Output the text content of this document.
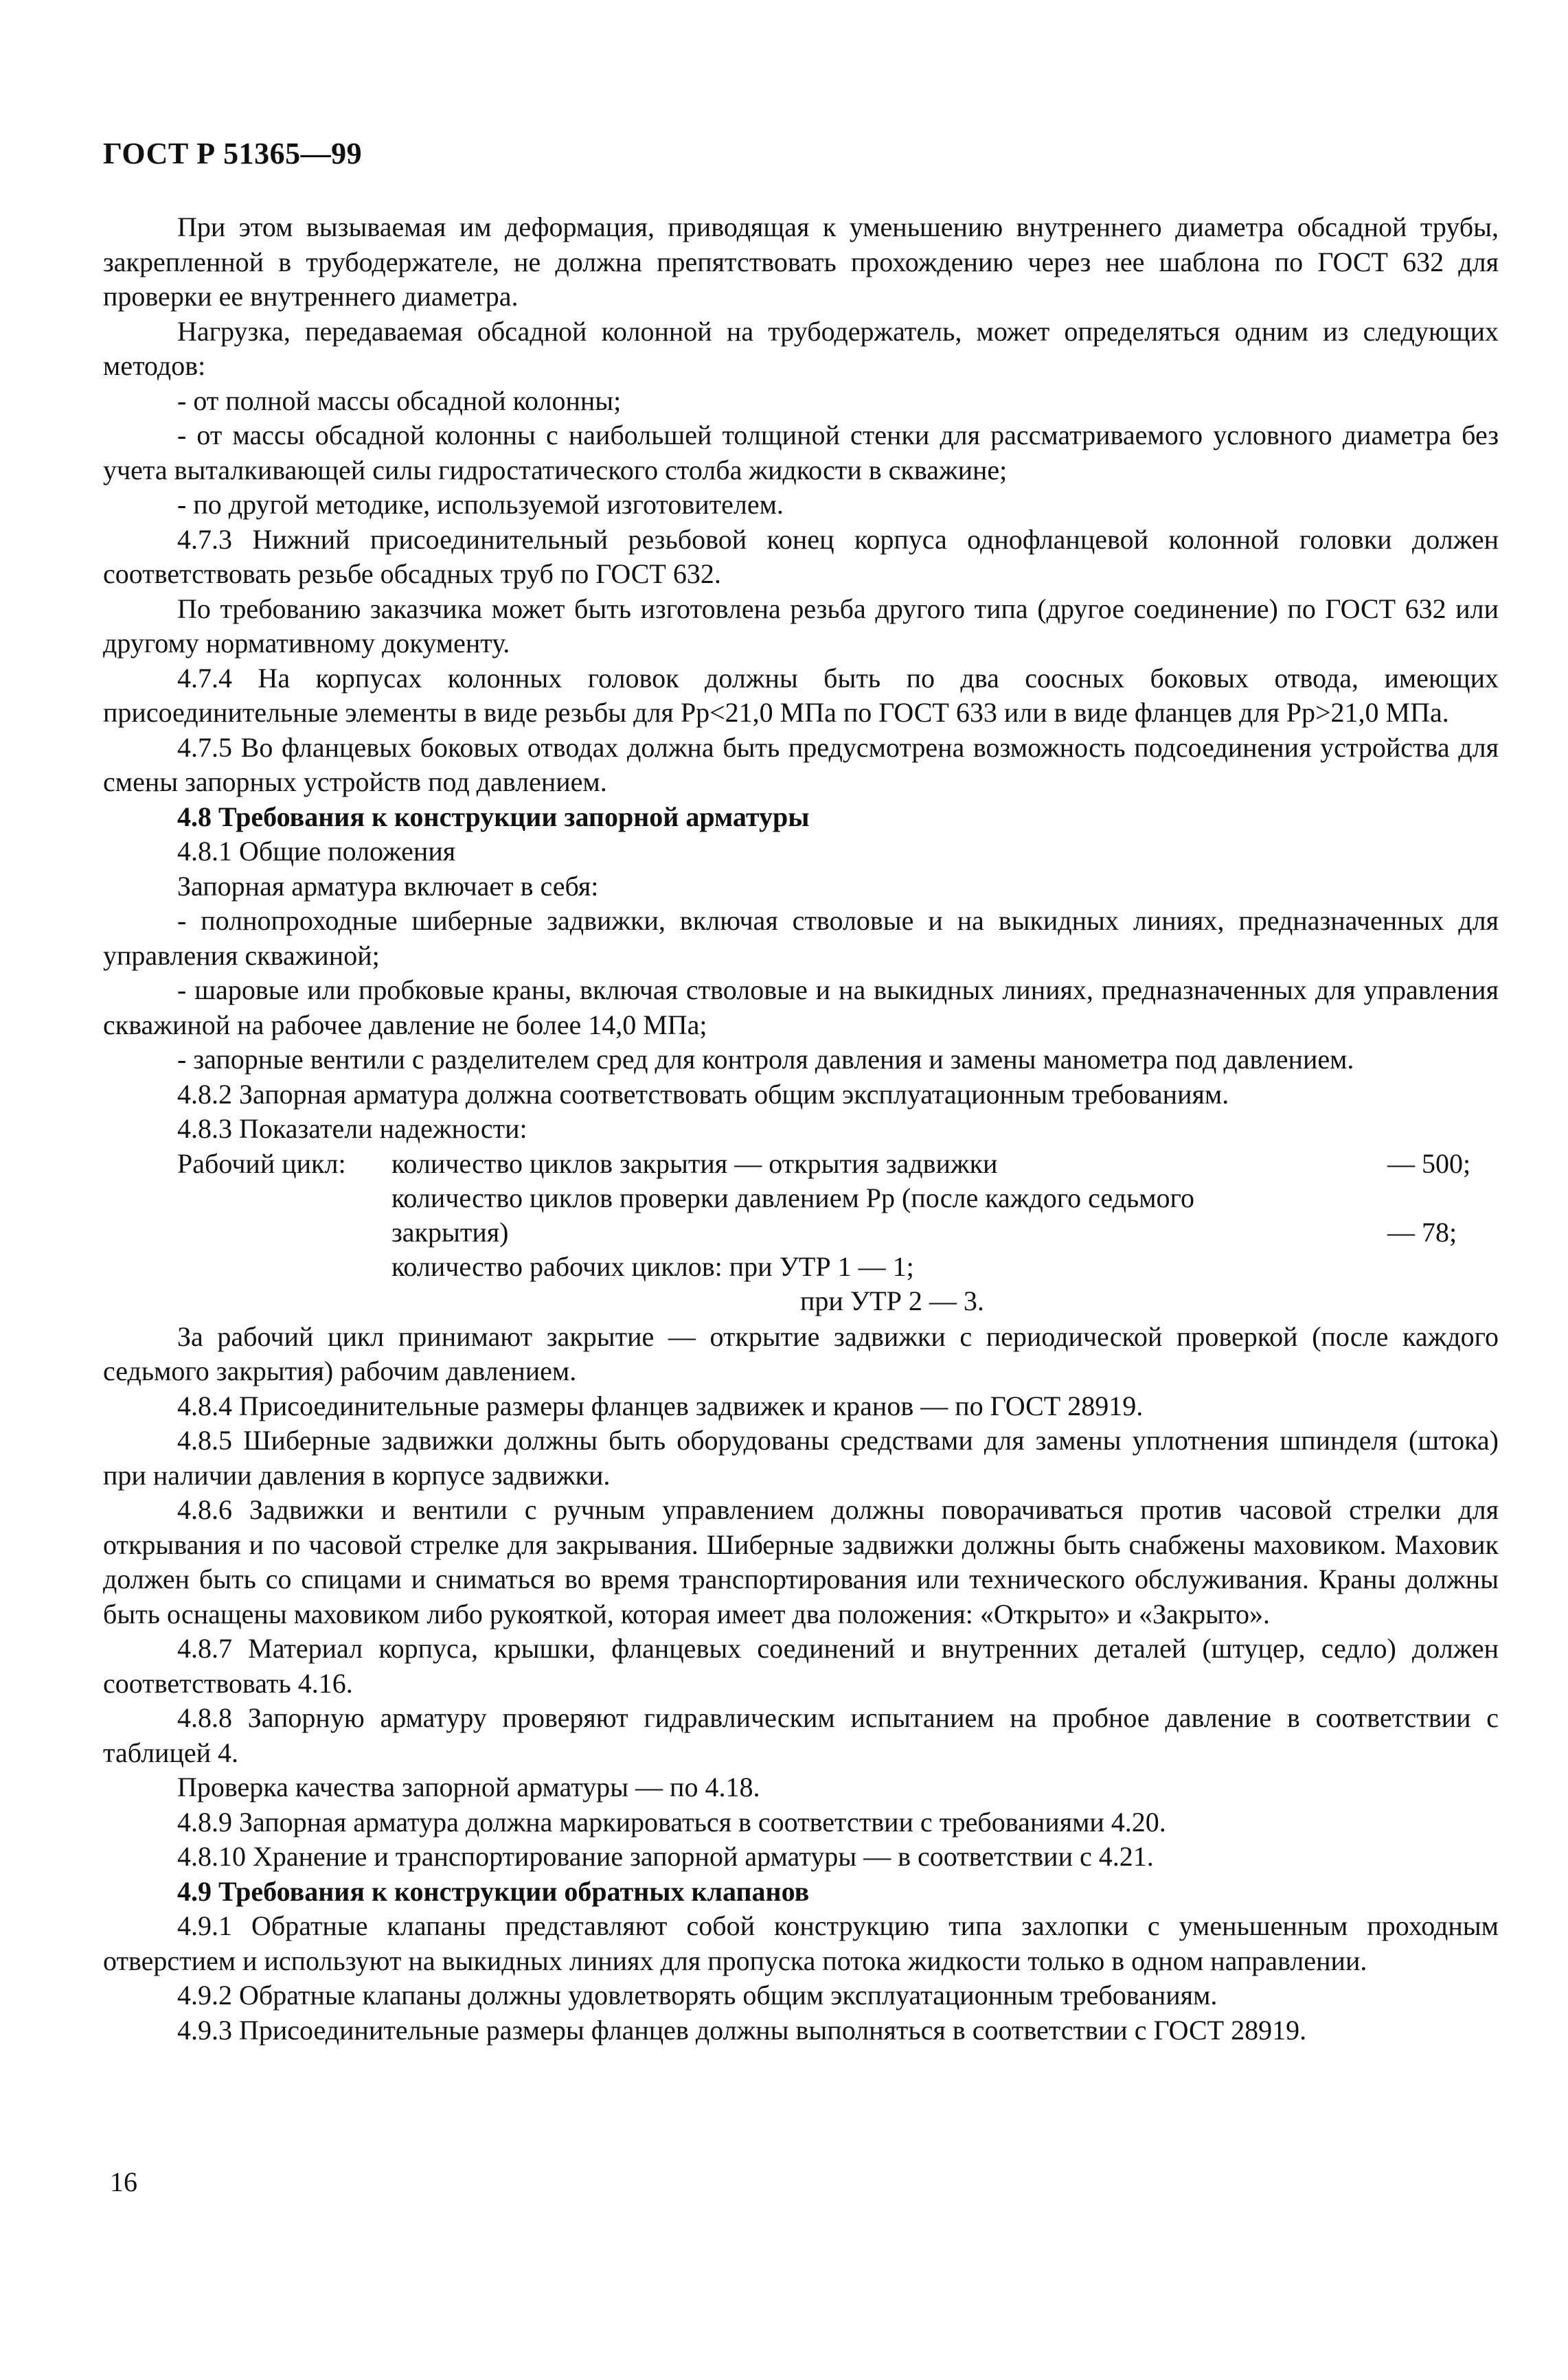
ГОСТ Р 51365—99

При этом вызываемая им деформация, приводящая к уменьшению внутреннего диаметра обсадной трубы, закрепленной в трубодержателе, не должна препятствовать прохождению через нее шаблона по ГОСТ 632 для проверки ее внутреннего диаметра.

Нагрузка, передаваемая обсадной колонной на трубодержатель, может определяться одним из следующих методов:

- от полной массы обсадной колонны;

- от массы обсадной колонны с наибольшей толщиной стенки для рассматриваемого условного диаметра без учета выталкивающей силы гидростатического столба жидкости в скважине;

- по другой методике, используемой изготовителем.

4.7.3 Нижний присоединительный резьбовой конец корпуса однофланцевой колонной головки должен соответствовать резьбе обсадных труб по ГОСТ 632.

По требованию заказчика может быть изготовлена резьба другого типа (другое соединение) по ГОСТ 632 или другому нормативному документу.

4.7.4 На корпусах колонных головок должны быть по два соосных боковых отвода, имеющих присоединительные элементы в виде резьбы для Pр<21,0 МПа по ГОСТ 633 или в виде фланцев для Pр>21,0 МПа.

4.7.5 Во фланцевых боковых отводах должна быть предусмотрена возможность подсоединения устройства для смены запорных устройств под давлением.

4.8 Требования к конструкции запорной арматуры

4.8.1 Общие положения

Запорная арматура включает в себя:

- полнопроходные шиберные задвижки, включая стволовые и на выкидных линиях, предназначенных для управления скважиной;

- шаровые или пробковые краны, включая стволовые и на выкидных линиях, предназначенных для управления скважиной на рабочее давление не более 14,0 МПа;

- запорные вентили с разделителем сред для контроля давления и замены манометра под давлением.

4.8.2 Запорная арматура должна соответствовать общим эксплуатационным требованиям.

4.8.3 Показатели надежности:

Рабочий цикл: количество циклов закрытия — открытия задвижки	— 500;
количество циклов проверки давлением Pр (после каждого седьмого
закрытия)	— 78;
количество рабочих циклов: при УТР 1 — 1;
при УТР 2 — 3.

За рабочий цикл принимают закрытие — открытие задвижки с периодической проверкой (после каждого седьмого закрытия) рабочим давлением.

4.8.4 Присоединительные размеры фланцев задвижек и кранов — по ГОСТ 28919.

4.8.5 Шиберные задвижки должны быть оборудованы средствами для замены уплотнения шпинделя (штока) при наличии давления в корпусе задвижки.

4.8.6 Задвижки и вентили с ручным управлением должны поворачиваться против часовой стрелки для открывания и по часовой стрелке для закрывания. Шиберные задвижки должны быть снабжены маховиком. Маховик должен быть со спицами и сниматься во время транспортирования или технического обслуживания. Краны должны быть оснащены маховиком либо рукояткой, которая имеет два положения: «Открыто» и «Закрыто».

4.8.7 Материал корпуса, крышки, фланцевых соединений и внутренних деталей (штуцер, седло) должен соответствовать 4.16.

4.8.8 Запорную арматуру проверяют гидравлическим испытанием на пробное давление в соответствии с таблицей 4.

Проверка качества запорной арматуры — по 4.18.

4.8.9 Запорная арматура должна маркироваться в соответствии с требованиями 4.20.

4.8.10 Хранение и транспортирование запорной арматуры — в соответствии с 4.21.

4.9 Требования к конструкции обратных клапанов

4.9.1 Обратные клапаны представляют собой конструкцию типа захлопки с уменьшенным проходным отверстием и используют на выкидных линиях для пропуска потока жидкости только в одном направлении.

4.9.2 Обратные клапаны должны удовлетворять общим эксплуатационным требованиям.

4.9.3 Присоединительные размеры фланцев должны выполняться в соответствии с ГОСТ 28919.

16
